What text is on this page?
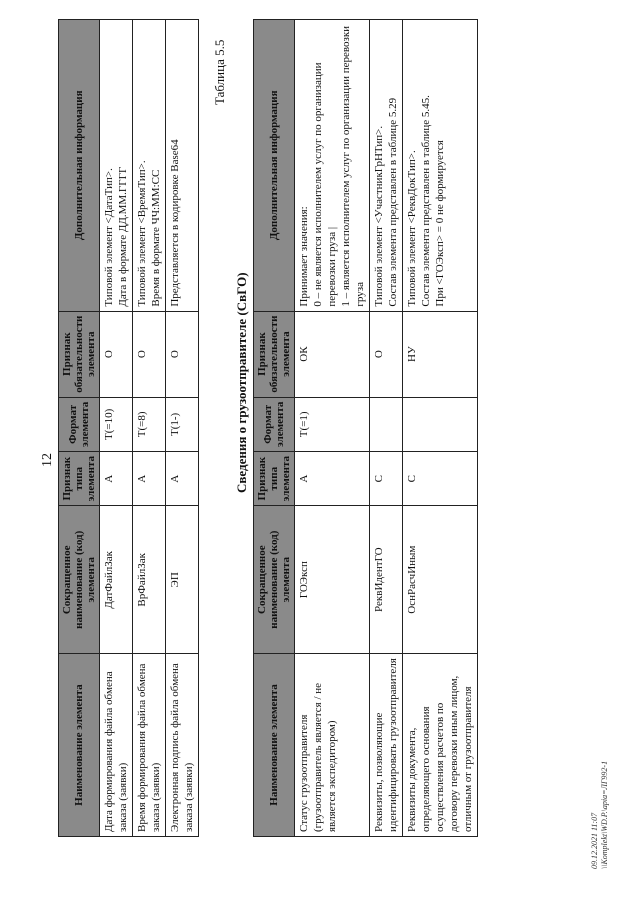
12
Наименование элемента	Сокращенное наименование (код) элемента	Признак типа элемента	Формат элемента	Признак обязательности элемента	Дополнительная информация
Дата формирования файла обмена заказа (заявки)	ДатФайлЗак	А	T(=10)	О	Типовой элемент <ДатаТип>. Дата в формате ДД.ММ.ГГГГ
Время формирования файла обмена заказа (заявки)	ВрФайлЗак	А	T(=8)	О	Типовой элемент <ВремяТип>. Время в формате ЧЧ:ММ:СС
Электронная подпись файла обмена заказа (заявки)	ЭП	А	T(1-)	О	Представляется в кодировке Base64
Таблица 5.5
Сведения о грузоотправителе (СвГО)
Наименование элемента	Сокращенное наименование (код) элемента	Признак типа элемента	Формат элемента	Признак обязательности элемента	Дополнительная информация
Статус грузоотправителя (грузоотправитель является / не является экспедитором)	ГОЭксп	А	T(=1)	ОК	Принимает значения: 0 – не является исполнителем услуг по организации перевозки груза | 1 – является исполнителем услуг по организации перевозки груза
Реквизиты, позволяющие идентифицировать грузоотправителя	РеквИдентГО	С		О	Типовой элемент <УчастникГрНТип>. Состав элемента представлен в таблице 5.29
Реквизиты документа, определяющего основания осуществления расчетов по договору перевозки иным лицом, отличным от грузоотправителя	ОснРасчИным	С		НУ	Типовой элемент <РеквДокТип>. Состав элемента представлен в таблице 5.45. При <ГОЭксп> = 0 не формируется
09.12.2021 11:07 \\Komplekt\WD.P.\apia=ЛГ992-1
